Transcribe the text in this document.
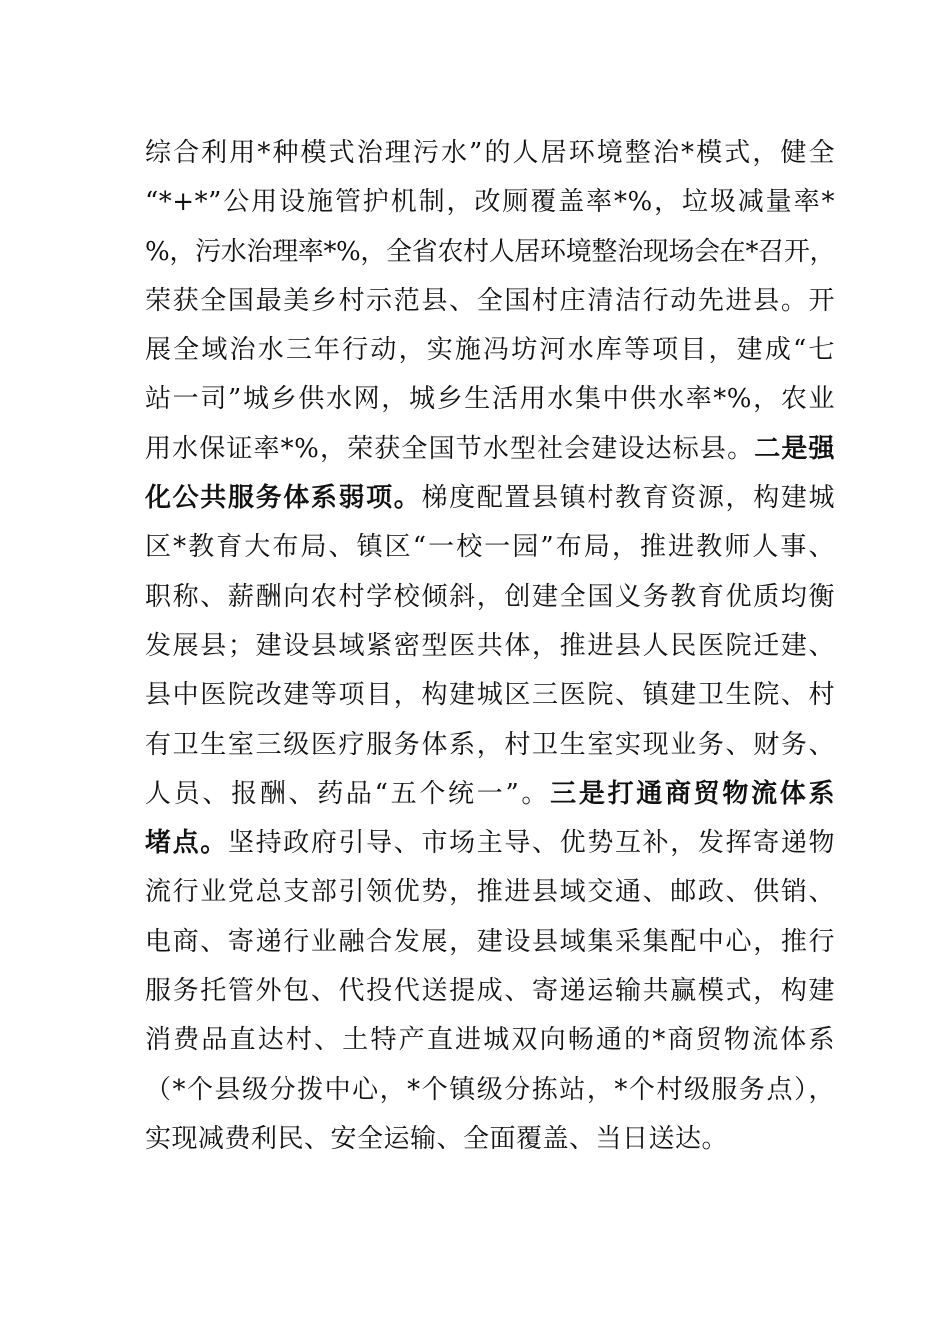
综合利用*种模式治理污水”的人居环境整治*模式，健全
“*+*”公用设施管护机制，改厕覆盖率*%，垃圾减量率*
%，污水治理率*%，全省农村人居环境整治现场会在*召开，
荣获全国最美乡村示范县、全国村庄清洁行动先进县。开
展全域治水三年行动，实施冯坊河水库等项目，建成“七
站一司”城乡供水网，城乡生活用水集中供水率*%，农业
用水保证率*%，荣获全国节水型社会建设达标县。二是强
化公共服务体系弱项。梯度配置县镇村教育资源，构建城
区*教育大布局、镇区“一校一园”布局，推进教师人事、
职称、薪酬向农村学校倾斜，创建全国义务教育优质均衡
发展县；建设县域紧密型医共体，推进县人民医院迁建、
县中医院改建等项目，构建城区三医院、镇建卫生院、村
有卫生室三级医疗服务体系，村卫生室实现业务、财务、
人员、报酬、药品“五个统一”。三是打通商贸物流体系
堵点。坚持政府引导、市场主导、优势互补，发挥寄递物
流行业党总支部引领优势，推进县域交通、邮政、供销、
电商、寄递行业融合发展，建设县域集采集配中心，推行
服务托管外包、代投代送提成、寄递运输共赢模式，构建
消费品直达村、土特产直进城双向畅通的*商贸物流体系
（*个县级分拨中心，*个镇级分拣站，*个村级服务点），
实现减费利民、安全运输、全面覆盖、当日送达。
